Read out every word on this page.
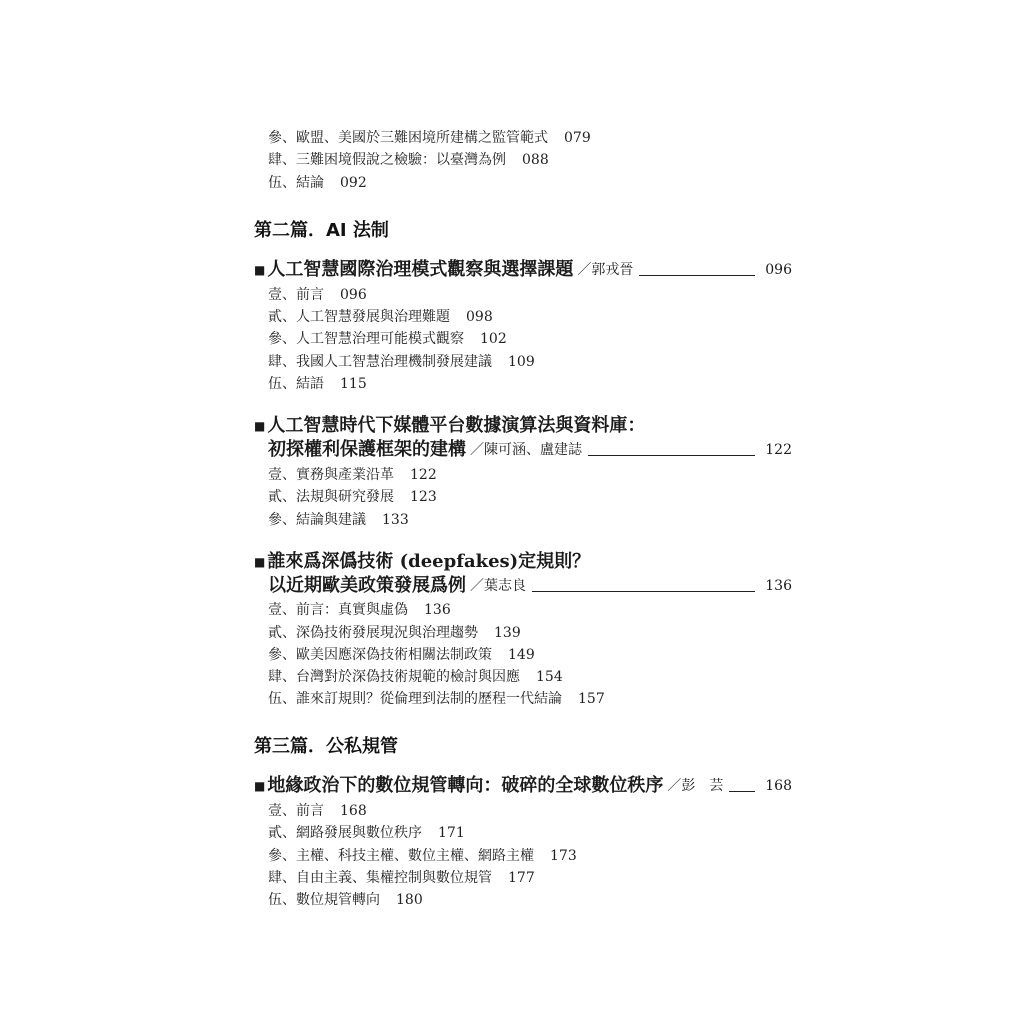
參、歐盟、美國於三難困境所建構之監管範式 079
肆、三難困境假說之檢驗：以臺灣為例 088
伍、結論 092
第二篇．AI 法制
■ 人工智慧國際治理模式觀察與選擇課題 ／郭戎晉	096
壹、前言 096
貳、人工智慧發展與治理難題 098
參、人工智慧治理可能模式觀察 102
肆、我國人工智慧治理機制發展建議 109
伍、結語 115
■ 人工智慧時代下媒體平台數據演算法與資料庫：
初探權利保護框架的建構 ／陳可涵、盧建誌	122
壹、實務與產業沿革 122
貳、法規與研究發展 123
參、結論與建議 133
■ 誰來爲深僞技術 (deepfakes)定規則？
以近期歐美政策發展爲例 ／葉志良	136
壹、前言：真實與虛偽 136
貳、深偽技術發展現況與治理趨勢 139
參、歐美因應深偽技術相關法制政策 149
肆、台灣對於深偽技術規範的檢討與因應 154
伍、誰來訂規則？從倫理到法制的歷程一代結論 157
第三篇．公私規管
■ 地緣政治下的數位規管轉向：破碎的全球數位秩序 ／彭　芸	168
壹、前言 168
貳、網路發展與數位秩序 171
參、主權、科技主權、數位主權、網路主權 173
肆、自由主義、集權控制與數位規管 177
伍、數位規管轉向 180
